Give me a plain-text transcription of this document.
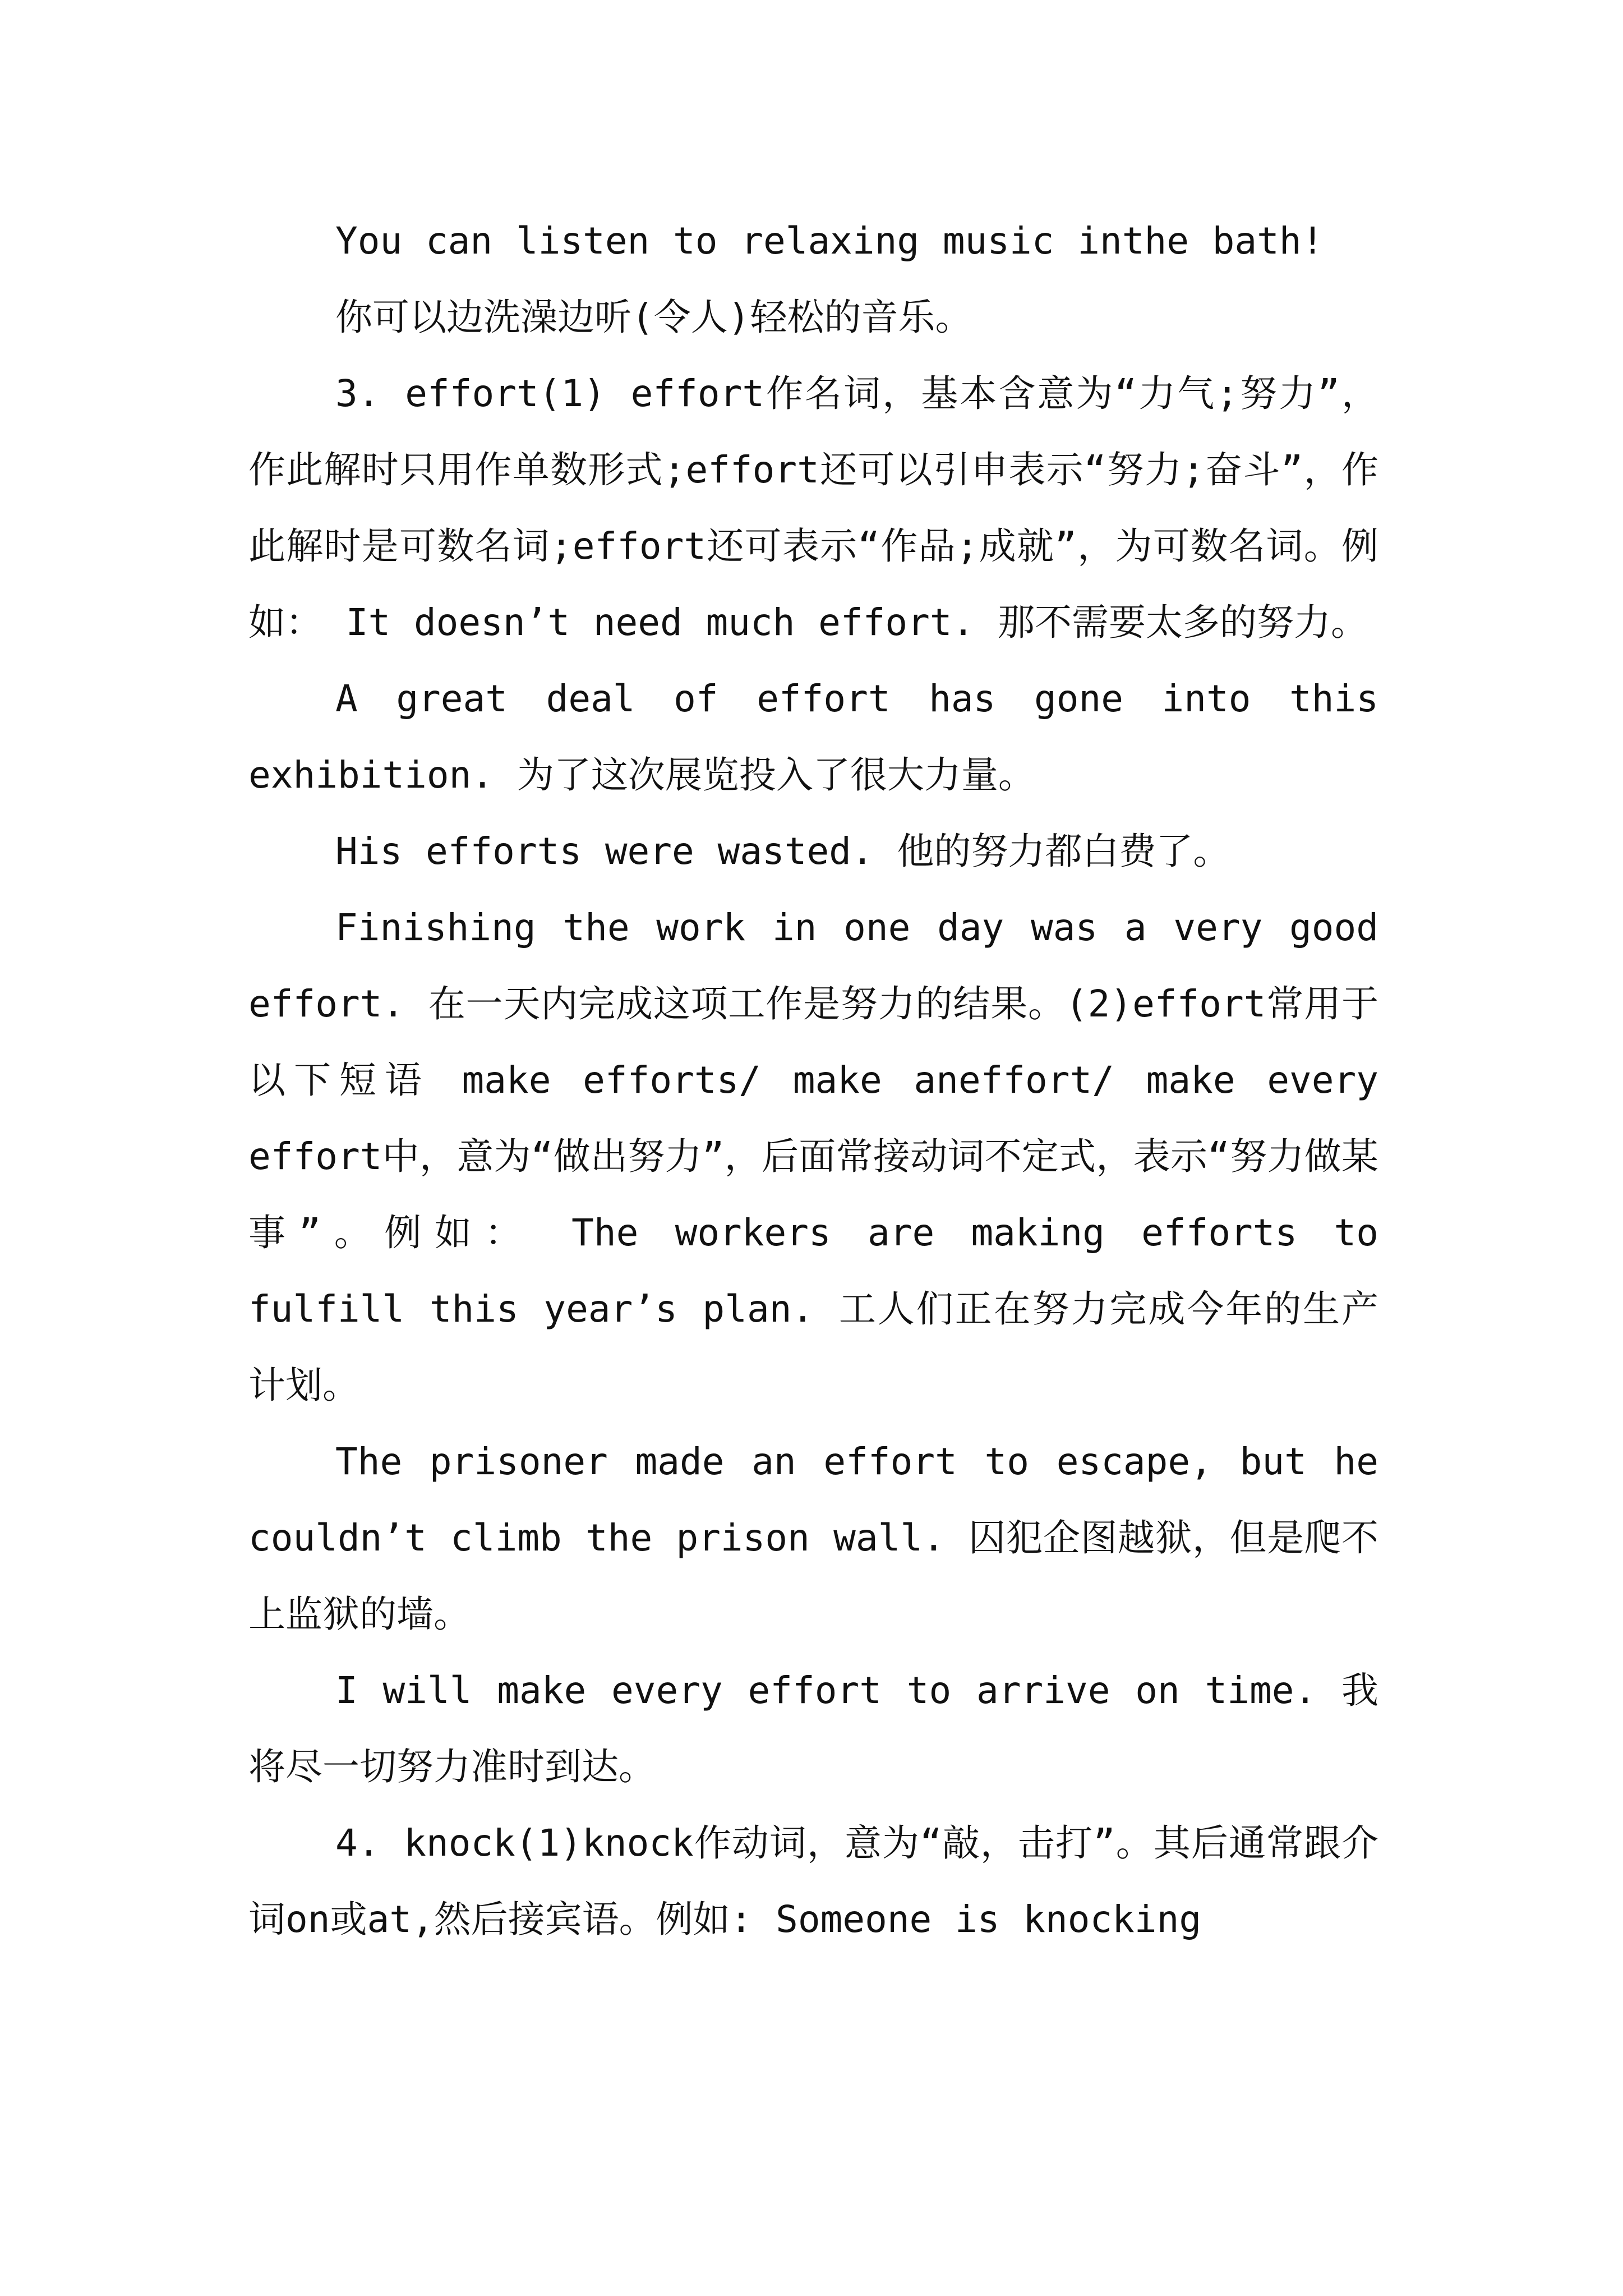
You can listen to relaxing music inthe bath!

你可以边洗澡边听(令人)轻松的音乐。

3. effort(1) effort作名词，基本含意为“力气;努力”，作此解时只用作单数形式;effort还可以引申表示“努力;奋斗”，作此解时是可数名词;effort还可表示“作品;成就”，为可数名词。例如： It doesn’t need much effort. 那不需要太多的努力。

A great deal of effort has gone into this exhibition. 为了这次展览投入了很大力量。

His efforts were wasted. 他的努力都白费了。

Finishing the work in one day was a very good effort. 在一天内完成这项工作是努力的结果。(2)effort常用于以下短语 make efforts/ make aneffort/ make every effort中，意为“做出努力”，后面常接动词不定式，表示“努力做某事”。例如： The workers are making efforts to fulfill this year’s plan. 工人们正在努力完成今年的生产计划。

The prisoner made an effort to escape, but he couldn’t climb the prison wall. 囚犯企图越狱，但是爬不上监狱的墙。

I will make every effort to arrive on time. 我将尽一切努力准时到达。

4. knock(1)knock作动词，意为“敲，击打”。其后通常跟介词on或at,然后接宾语。例如: Someone is knocking
